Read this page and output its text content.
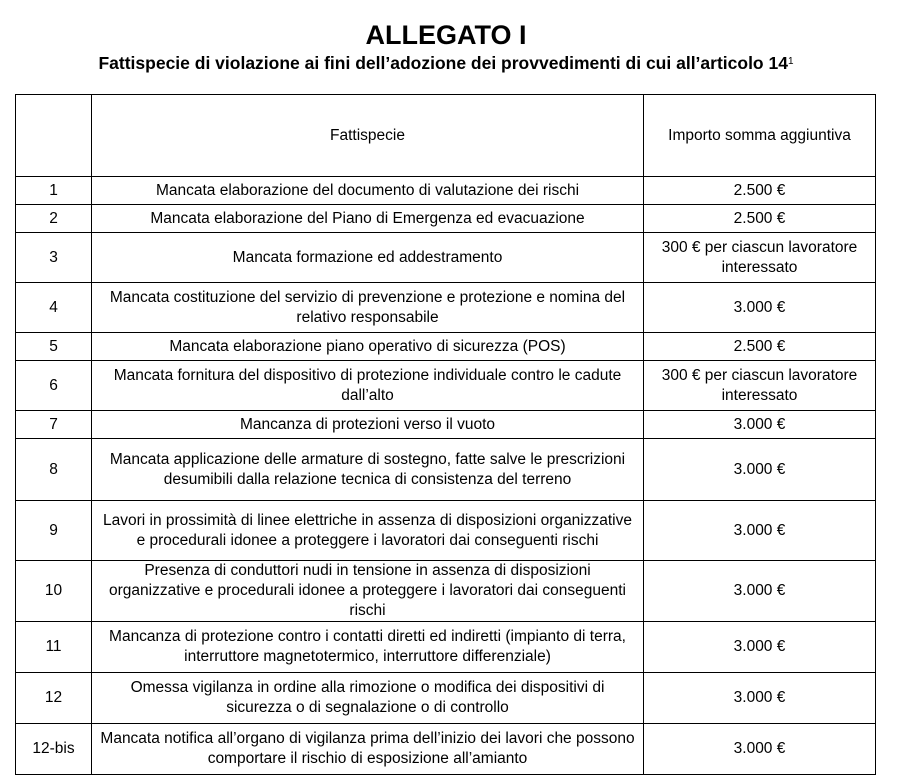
ALLEGATO I
Fattispecie di violazione ai fini dell’adozione dei provvedimenti di cui all’articolo $14^1$
	Fattispecie	Importo somma aggiuntiva
1	Mancata elaborazione del documento di valutazione dei rischi	2.500 €
2	Mancata elaborazione del Piano di Emergenza ed evacuazione	2.500 €
3	Mancata formazione ed addestramento	300 € per ciascun lavoratore interessato
4	Mancata costituzione del servizio di prevenzione e protezione e nomina del relativo responsabile	3.000 €
5	Mancata elaborazione piano operativo di sicurezza (POS)	2.500 €
6	Mancata fornitura del dispositivo di protezione individuale contro le cadute dall’alto	300 € per ciascun lavoratore interessato
7	Mancanza di protezioni verso il vuoto	3.000 €
8	Mancata applicazione delle armature di sostegno, fatte salve le prescrizioni desumibili dalla relazione tecnica di consistenza del terreno	3.000 €
9	Lavori in prossimità di linee elettriche in assenza di disposizioni organizzative e procedurali idonee a proteggere i lavoratori dai conseguenti rischi	3.000 €
10	Presenza di conduttori nudi in tensione in assenza di disposizioni organizzative e procedurali idonee a proteggere i lavoratori dai conseguenti rischi	3.000 €
11	Mancanza di protezione contro i contatti diretti ed indiretti (impianto di terra, interruttore magnetotermico, interruttore differenziale)	3.000 €
12	Omessa vigilanza in ordine alla rimozione o modifica dei dispositivi di sicurezza o di segnalazione o di controllo	3.000 €
12-bis	Mancata notifica all’organo di vigilanza prima dell’inizio dei lavori che possono comportare il rischio di esposizione all’amianto	3.000 €
